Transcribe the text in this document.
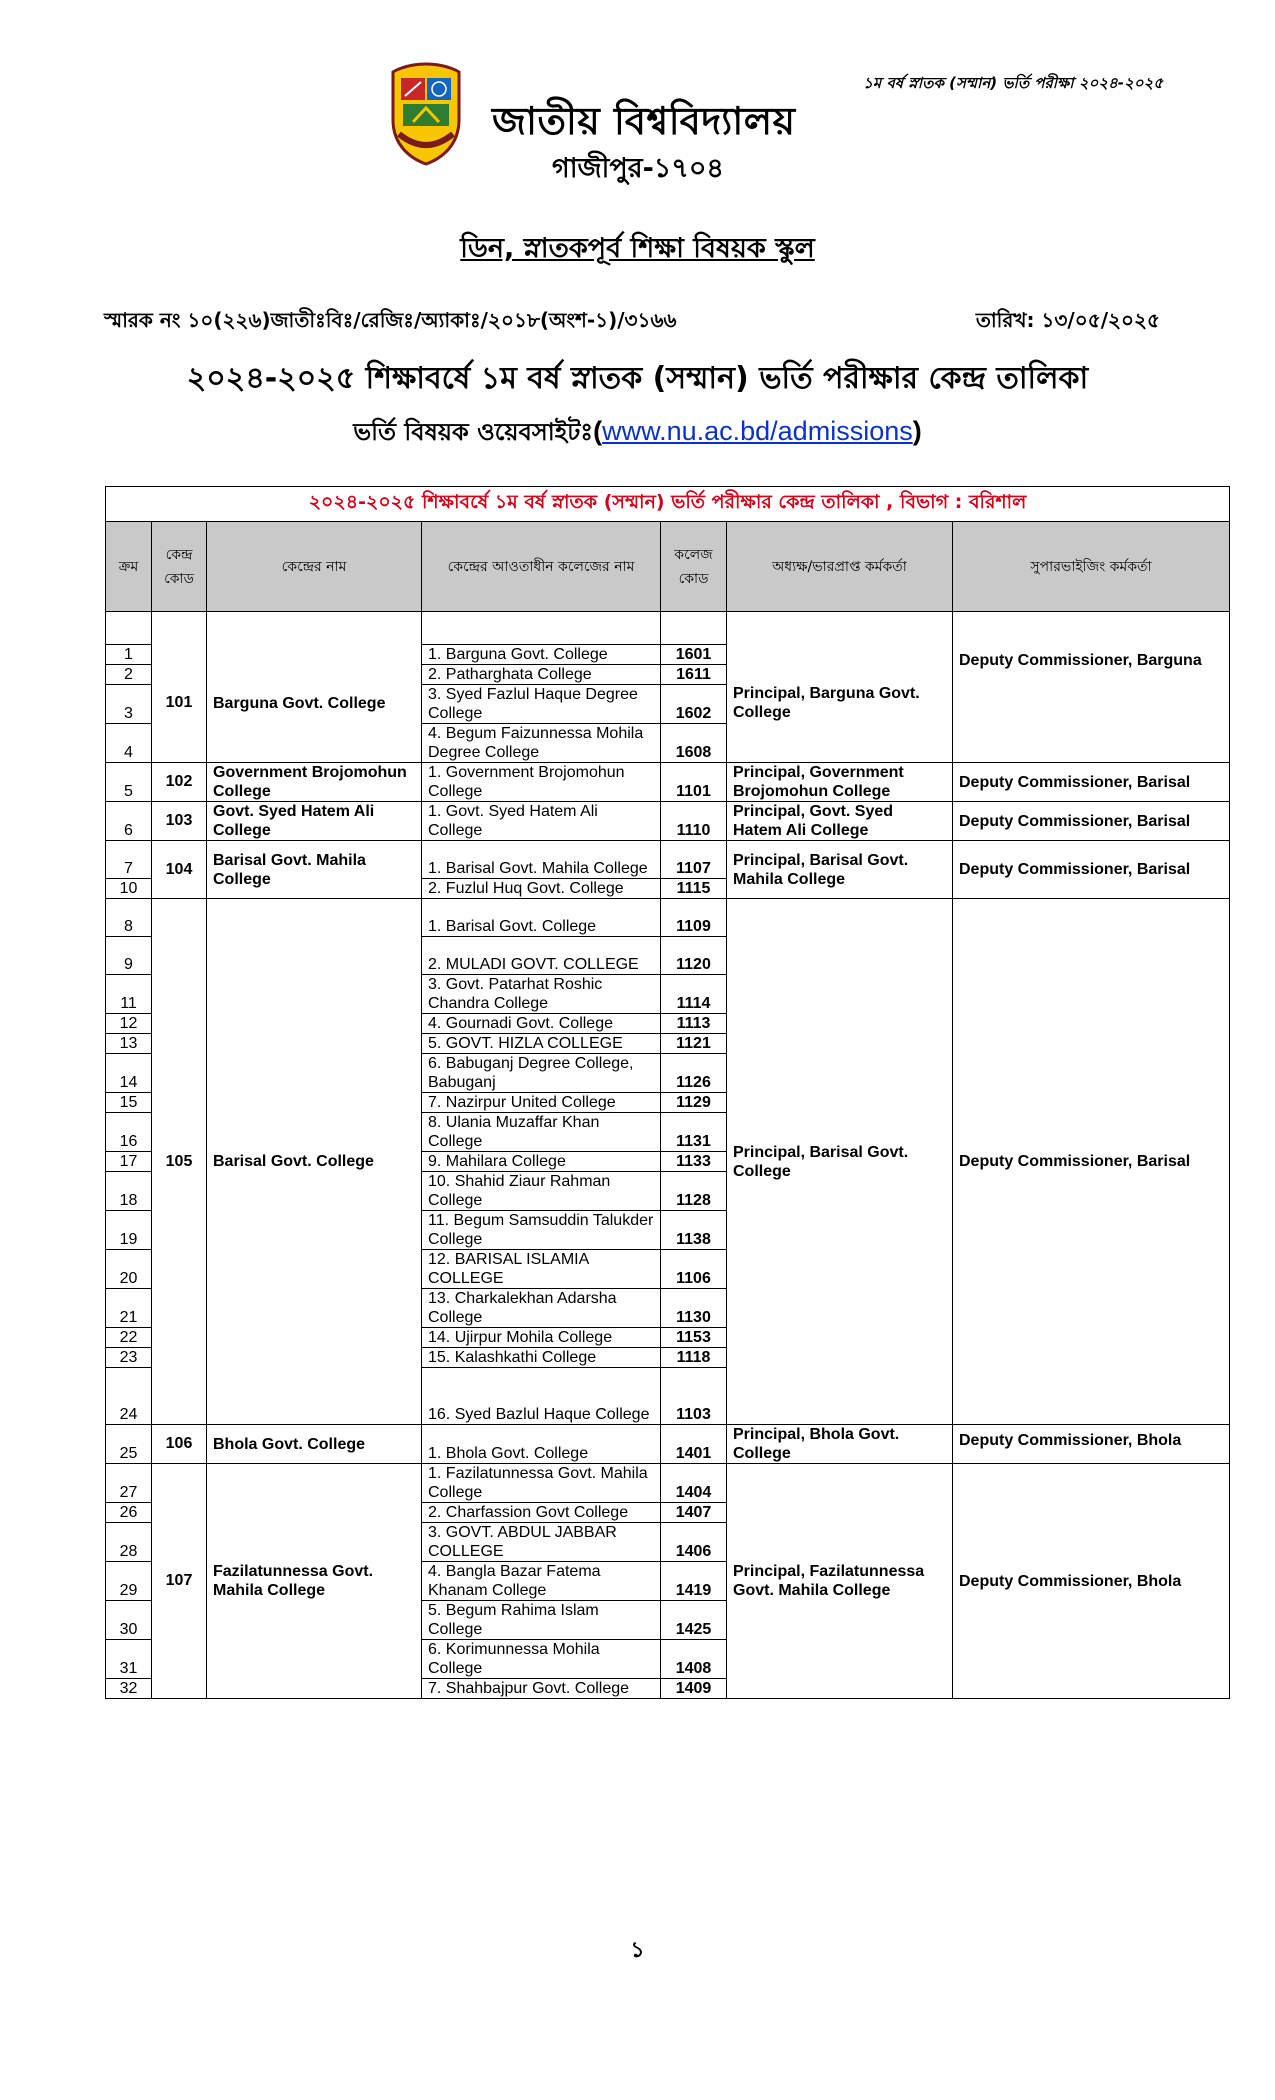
জাতীয় বিশ্ববিদ্যালয়
গাজীপুর-১৭০৪
১ম বর্ষ স্নাতক (সম্মান) ভর্তি পরীক্ষা ২০২৪-২০২৫
ডিন, স্নাতকপূর্ব শিক্ষা বিষয়ক স্কুল
স্মারক নং ১০(২২৬)জাতীঃবিঃ/রেজিঃ/অ্যাকাঃ/২০১৮(অংশ-১)/৩১৬৬	তারিখ: ১৩/০৫/২০২৫
২০২৪-২০২৫ শিক্ষাবর্ষে ১ম বর্ষ স্নাতক (সম্মান) ভর্তি পরীক্ষার কেন্দ্র তালিকা
ভর্তি বিষয়ক ওয়েবসাইটঃ(www.nu.ac.bd/admissions)
২০২৪-২০২৫ শিক্ষাবর্ষে ১ম বর্ষ স্নাতক (সম্মান) ভর্তি পরীক্ষার কেন্দ্র তালিকা , বিভাগ : বরিশাল						
ক্রম	কেন্দ্র কোড	কেন্দ্রের নাম	কেন্দ্রের আওতাধীন কলেজের নাম	কলেজ কোড	অধ্যক্ষ/ভারপ্রাপ্ত কর্মকর্তা	সুপারভাইজিং কর্মকর্তা

1	101	Barguna Govt. College	1. Barguna Govt. College	1601	Principal, Barguna Govt. College	Deputy Commissioner, Barguna
2			2. Patharghata College	1611		
3			3. Syed Fazlul Haque Degree College	1602		
4			4. Begum Faizunnessa Mohila Degree College	1608		
5	102	Government Brojomohun College	1. Government Brojomohun College	1101	Principal, Government Brojomohun College	Deputy Commissioner, Barisal
6	103	Govt. Syed Hatem Ali College	1. Govt. Syed Hatem Ali College	1110	Principal, Govt. Syed Hatem Ali College	Deputy Commissioner, Barisal
7	104	Barisal Govt. Mahila College	1. Barisal Govt. Mahila College	1107	Principal, Barisal Govt. Mahila College	Deputy Commissioner, Barisal
10			2. Fuzlul Huq Govt. College	1115		
8	105	Barisal Govt. College	1. Barisal Govt. College	1109	Principal, Barisal Govt. College	Deputy Commissioner, Barisal
9			2. MULADI GOVT. COLLEGE	1120		
11			3. Govt. Patarhat Roshic Chandra College	1114		
12			4. Gournadi Govt. College	1113		
13			5. GOVT. HIZLA COLLEGE	1121		
14			6. Babuganj Degree College, Babuganj	1126		
15			7. Nazirpur United College	1129		
16			8. Ulania Muzaffar Khan College	1131		
17			9. Mahilara College	1133		
18			10. Shahid Ziaur Rahman College	1128		
19			11. Begum Samsuddin Talukder College	1138		
20			12. BARISAL ISLAMIA COLLEGE	1106		
21			13. Charkalekhan Adarsha College	1130		
22			14. Ujirpur Mohila College	1153		
23			15. Kalashkathi College	1118		
24			16. Syed Bazlul Haque College	1103		
25	106	Bhola Govt. College	1. Bhola Govt. College	1401	Principal, Bhola Govt. College	Deputy Commissioner, Bhola
27	107	Fazilatunnessa Govt. Mahila College	1. Fazilatunnessa Govt. Mahila College	1404	Principal, Fazilatunnessa Govt. Mahila College	Deputy Commissioner, Bhola
26			2. Charfassion Govt College	1407		
28			3. GOVT. ABDUL JABBAR COLLEGE	1406		
29			4. Bangla Bazar Fatema Khanam College	1419		
30			5. Begum Rahima Islam College	1425		
31			6. Korimunnessa Mohila College	1408		
32			7. Shahbajpur Govt. College	1409		
১
